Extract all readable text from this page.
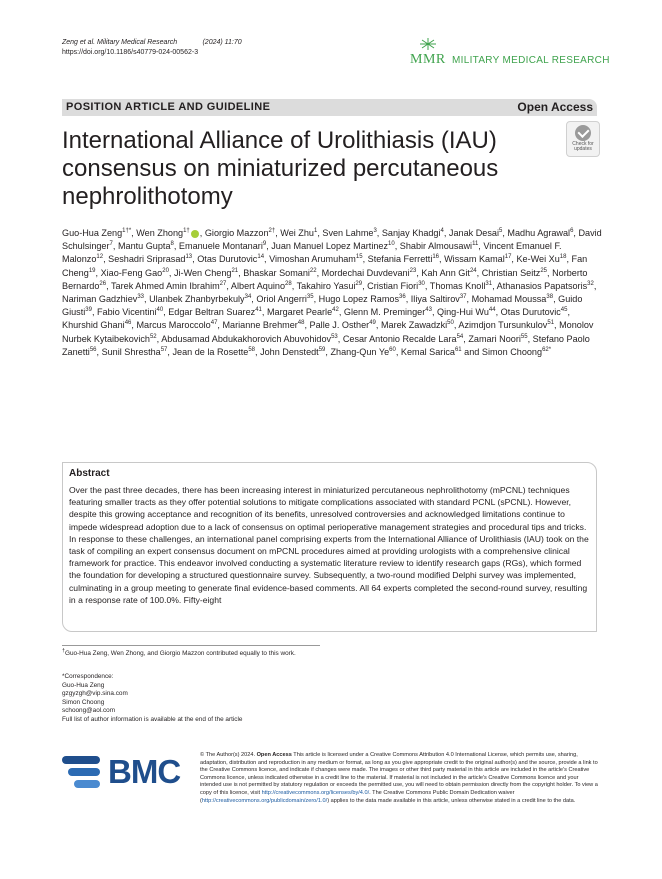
Zeng et al. Military Medical Research	(2024) 11:70
https://doi.org/10.1186/s40779-024-00562-3	MMR MILITARY MEDICAL RESEARCH
POSITION ARTICLE AND GUIDELINE	Open Access
International Alliance of Urolithiasis (IAU) consensus on miniaturized percutaneous nephrolithotomy
Check for
updates
Guo-Hua Zeng$^{1\dagger*}$, Wen Zhong$^{1\dagger}$ , Giorgio Mazzon$^{2\dagger}$, Wei Zhu$^1$, Sven Lahme$^3$, Sanjay Khadgi$^4$, Janak Desai$^5$, Madhu Agrawal$^6$, David Schulsinger$^7$, Mantu Gupta$^8$, Emanuele Montanari$^9$, Juan Manuel Lopez Martinez$^{10}$, Shabir Almousawi$^{11}$, Vincent Emanuel F. Malonzo$^{12}$, Seshadri Sriprasad$^{13}$, Otas Durutovic$^{14}$, Vimoshan Arumuham$^{15}$, Stefania Ferretti$^{16}$, Wissam Kamal$^{17}$, Ke-Wei Xu$^{18}$, Fan Cheng$^{19}$, Xiao-Feng Gao$^{20}$, Ji-Wen Cheng$^{21}$, Bhaskar Somani$^{22}$, Mordechai Duvdevani$^{23}$, Kah Ann Git$^{24}$, Christian Seitz$^{25}$, Norberto Bernardo$^{26}$, Tarek Ahmed Amin Ibrahim$^{27}$, Albert Aquino$^{28}$, Takahiro Yasui$^{29}$, Cristian Fiori$^{30}$, Thomas Knoll$^{31}$, Athanasios Papatsoris$^{32}$, Nariman Gadzhiev$^{33}$, Ulanbek Zhanbyrbekuly$^{34}$, Oriol Angerri$^{35}$, Hugo Lopez Ramos$^{36}$, Iliya Saltirov$^{37}$, Mohamad Moussa$^{38}$, Guido Giusti$^{39}$, Fabio Vicentini$^{40}$, Edgar Beltran Suarez$^{41}$, Margaret Pearle$^{42}$, Glenn M. Preminger$^{43}$, Qing-Hui Wu$^{44}$, Otas Durutovic$^{45}$, Khurshid Ghani$^{46}$, Marcus Maroccolo$^{47}$, Marianne Brehmer$^{48}$, Palle J. Osther$^{49}$, Marek Zawadzki$^{50}$, Azimdjon Tursunkulov$^{51}$, Monolov Nurbek Kytaibekovich$^{52}$, Abdusamad Abdukakhorovich Abuvohidov$^{53}$, Cesar Antonio Recalde Lara$^{54}$, Zamari Noori$^{55}$, Stefano Paolo Zanetti$^{56}$, Sunil Shrestha$^{57}$, Jean de la Rosette$^{58}$, John Denstedt$^{59}$, Zhang-Qun Ye$^{60}$, Kemal Sarica$^{61}$ and Simon Choong$^{62*}$
Abstract
Over the past three decades, there has been increasing interest in miniaturized percutaneous nephrolithotomy (mPCNL) techniques featuring smaller tracts as they offer potential solutions to mitigate complications associated with standard PCNL (sPCNL). However, despite this growing acceptance and recognition of its benefits, unresolved controversies and acknowledged limitations continue to impede widespread adoption due to a lack of consensus on optimal perioperative management strategies and procedural tips and tricks. In response to these challenges, an international panel comprising experts from the International Alliance of Urolithiasis (IAU) took on the task of compiling an expert consensus document on mPCNL procedures aimed at providing urologists with a comprehensive clinical framework for practice. This endeavor involved conducting a systematic literature review to identify research gaps (RGs), which formed the foundation for developing a structured questionnaire survey. Subsequently, a two-round modified Delphi survey was implemented, culminating in a group meeting to generate final evidence-based comments. All 64 experts completed the second-round survey, resulting in a response rate of 100.0%. Fifty-eight
†Guo-Hua Zeng, Wen Zhong, and Giorgio Mazzon contributed equally to this work.
*Correspondence:
Guo-Hua Zeng
gzgyzgh@vip.sina.com
Simon Choong
schoong@aol.com
Full list of author information is available at the end of the article
BMC	© The Author(s) 2024. Open Access This article is licensed under a Creative Commons Attribution 4.0 International License, which permits use, sharing, adaptation, distribution and reproduction in any medium or format, as long as you give appropriate credit to the original author(s) and the source, provide a link to the Creative Commons licence, and indicate if changes were made. The images or other third party material in this article are included in the article's Creative Commons licence, unless indicated otherwise in a credit line to the material. If material is not included in the article's Creative Commons licence and your intended use is not permitted by statutory regulation or exceeds the permitted use, you will need to obtain permission directly from the copyright holder. To view a copy of this licence, visit http://creativecommons.org/licenses/by/4.0/. The Creative Commons Public Domain Dedication waiver (http://creativecommons.org/publicdomain/zero/1.0/) applies to the data made available in this article, unless otherwise stated in a credit line to the data.
